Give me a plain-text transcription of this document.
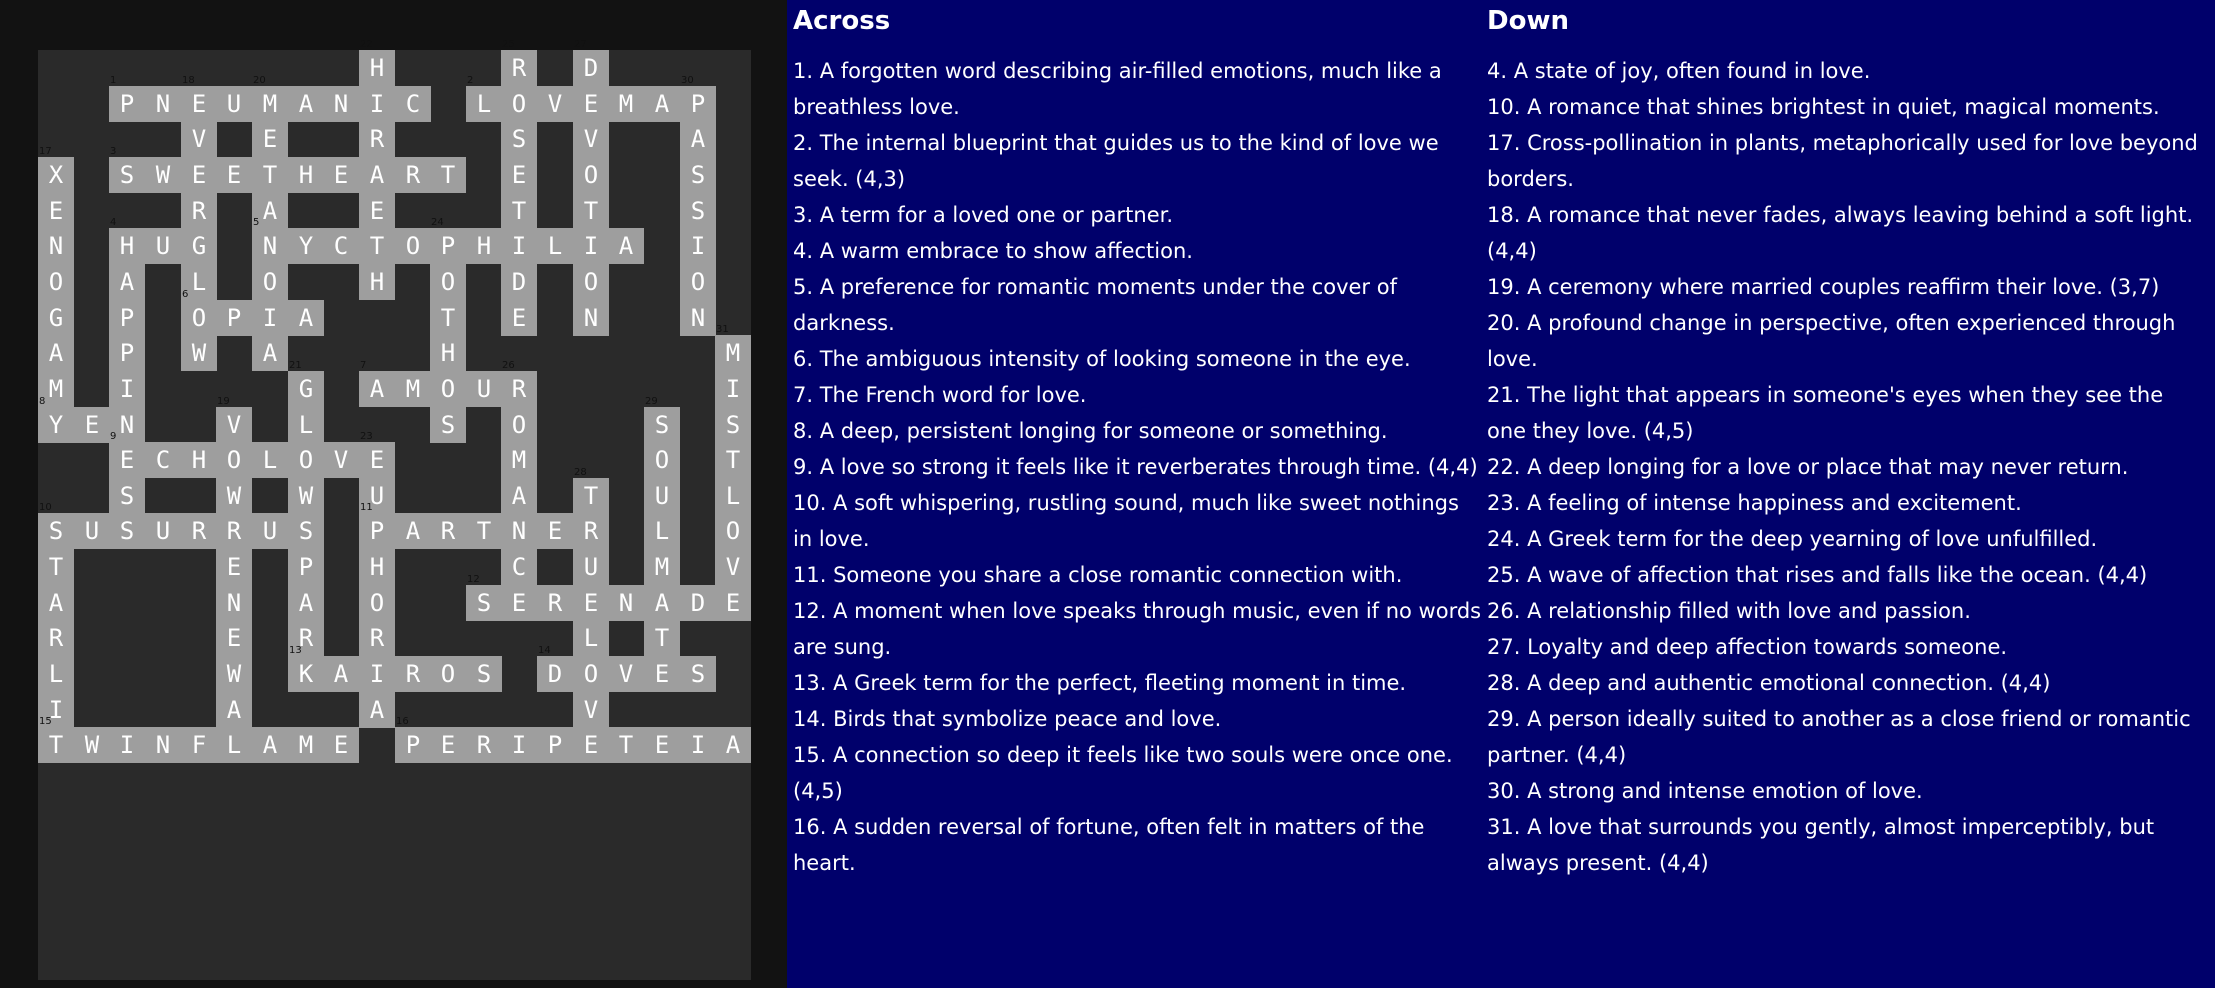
22
H
25
R
27
D
1
P N
18
E U
20
M A N I C
2
L O V E M A
30
P
V	E	R	S	V	A
17
X
3
S W E E T H E A R T	E	O	S
E	R	A	E	T	T	S
N
4
H U G
5
N Y C T O
24
P H I L I A	I
O	A	L	O	H	O	D	O	O
G	P
6
O P I A	T	E	N	N
A	P	W	A	H
31
M
M	I
21
G
7
A M O U
26
R	I
8
Y E N
19
V	L	S	O
29
S	S
9
E C H O L O V
23
E	M	O	T
S	W	W	U	A
28
T	U	L
10
S U S U R R U S
11
P A R T N E R	L	O
T	E	P	H	C	U	M	V
A	N	A	O
12
S E R E N A D E
R	E	R	R	L	T
L	W
13
K A I R O S
14
D O V E S
I	A	A	V
15
T W I N F L A M E
16
P E R I P E T E I A
Across
1. A forgotten word describing air-filled emotions, much like a breathless love.
2. The internal blueprint that guides us to the kind of love we seek. (4,3)
3. A term for a loved one or partner.
4. A warm embrace to show affection.
5. A preference for romantic moments under the cover of darkness.
6. The ambiguous intensity of looking someone in the eye.
7. The French word for love.
8. A deep, persistent longing for someone or something.
9. A love so strong it feels like it reverberates through time. (4,4)
10. A soft whispering, rustling sound, much like sweet nothings in love.
11. Someone you share a close romantic connection with.
12. A moment when love speaks through music, even if no words are sung.
13. A Greek term for the perfect, fleeting moment in time.
14. Birds that symbolize peace and love.
15. A connection so deep it feels like two souls were once one. (4,5)
16. A sudden reversal of fortune, often felt in matters of the heart.
Down
4. A state of joy, often found in love.
10. A romance that shines brightest in quiet, magical moments.
17. Cross-pollination in plants, metaphorically used for love beyond borders.
18. A romance that never fades, always leaving behind a soft light. (4,4)
19. A ceremony where married couples reaffirm their love. (3,7)
20. A profound change in perspective, often experienced through love.
21. The light that appears in someone's eyes when they see the one they love. (4,5)
22. A deep longing for a love or place that may never return.
23. A feeling of intense happiness and excitement.
24. A Greek term for the deep yearning of love unfulfilled.
25. A wave of affection that rises and falls like the ocean. (4,4)
26. A relationship filled with love and passion.
27. Loyalty and deep affection towards someone.
28. A deep and authentic emotional connection. (4,4)
29. A person ideally suited to another as a close friend or romantic partner. (4,4)
30. A strong and intense emotion of love.
31. A love that surrounds you gently, almost imperceptibly, but always present. (4,4)
